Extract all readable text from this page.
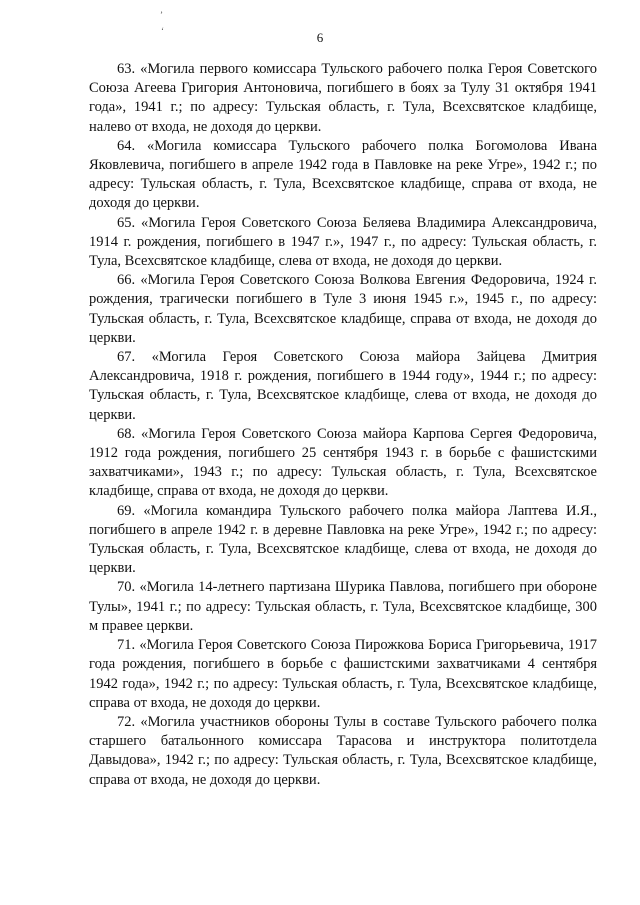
ʼ
ʻ	6

63. «Могила первого комиссара Тульского рабочего полка Героя Советского Союза Агеева Григория Антоновича, погибшего в боях за Тулу 31 октября 1941 года», 1941 г.; по адресу: Тульская область, г. Тула, Всехсвятское кладбище, налево от входа, не доходя до церкви.

64. «Могила комиссара Тульского рабочего полка Богомолова Ивана Яковлевича, погибшего в апреле 1942 года в Павловке на реке Угре», 1942 г.; по адресу: Тульская область, г. Тула, Всехсвятское кладбище, справа от входа, не доходя до церкви.

65. «Могила Героя Советского Союза Беляева Владимира Александровича, 1914 г. рождения, погибшего в 1947 г.», 1947 г., по адресу: Тульская область, г. Тула, Всехсвятское кладбище, слева от входа, не доходя до церкви.

66. «Могила Героя Советского Союза Волкова Евгения Федоровича, 1924 г. рождения, трагически погибшего в Туле 3 июня 1945 г.», 1945 г., по адресу: Тульская область, г. Тула, Всехсвятское кладбище, справа от входа, не доходя до церкви.

67. «Могила Героя Советского Союза майора Зайцева Дмитрия Александровича, 1918 г. рождения, погибшего в 1944 году», 1944 г.; по адресу: Тульская область, г. Тула, Всехсвятское кладбище, слева от входа, не доходя до церкви.

68. «Могила Героя Советского Союза майора Карпова Сергея Федоровича, 1912 года рождения, погибшего 25 сентября 1943 г. в борьбе с фашистскими захватчиками», 1943 г.; по адресу: Тульская область, г. Тула, Всехсвятское кладбище, справа от входа, не доходя до церкви.

69. «Могила командира Тульского рабочего полка майора Лаптева И.Я., погибшего в апреле 1942 г. в деревне Павловка на реке Угре», 1942 г.; по адресу: Тульская область, г. Тула, Всехсвятское кладбище, слева от входа, не доходя до церкви.

70. «Могила 14-летнего партизана Шурика Павлова, погибшего при обороне Тулы», 1941 г.; по адресу: Тульская область, г. Тула, Всехсвятское кладбище, 300 м правее церкви.

71. «Могила Героя Советского Союза Пирожкова Бориса Григорьевича, 1917 года рождения, погибшего в борьбе с фашистскими захватчиками 4 сентября 1942 года», 1942 г.; по адресу: Тульская область, г. Тула, Всехсвятское кладбище, справа от входа, не доходя до церкви.

72. «Могила участников обороны Тулы в составе Тульского рабочего полка старшего батальонного комиссара Тарасова и инструктора политотдела Давыдова», 1942 г.; по адресу: Тульская область, г. Тула, Всехсвятское кладбище, справа от входа, не доходя до церкви.
